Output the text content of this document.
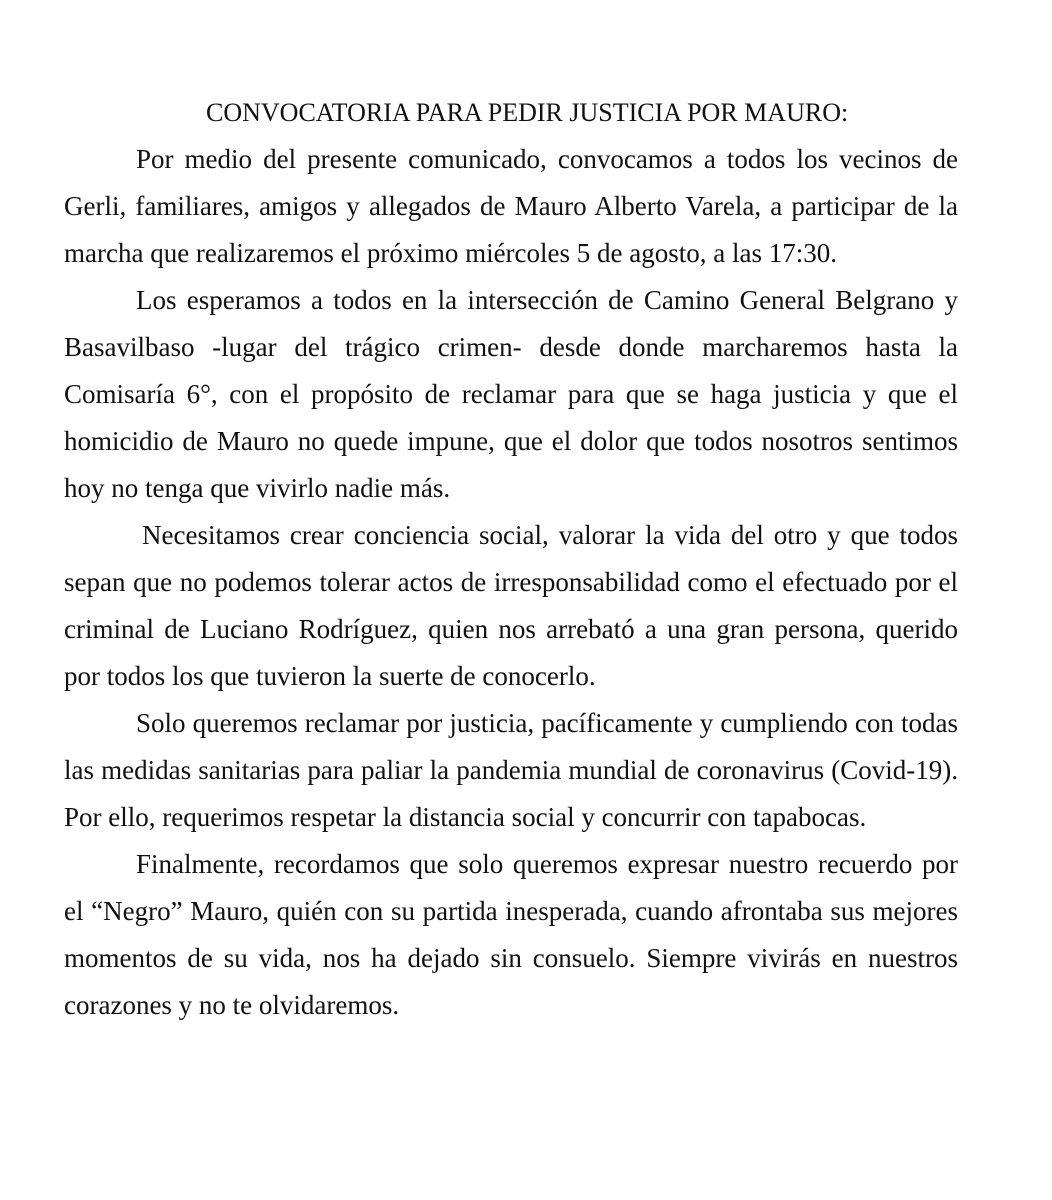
CONVOCATORIA PARA PEDIR JUSTICIA POR MAURO:

Por medio del presente comunicado, convocamos a todos los vecinos de Gerli, familiares, amigos y allegados de Mauro Alberto Varela, a participar de la marcha que realizaremos el próximo miércoles 5 de agosto, a las 17:30.

Los esperamos a todos en la intersección de Camino General Belgrano y Basavilbaso -lugar del trágico crimen- desde donde marcharemos hasta la Comisaría 6°, con el propósito de reclamar para que se haga justicia y que el homicidio de Mauro no quede impune, que el dolor que todos nosotros sentimos hoy no tenga que vivirlo nadie más.

Necesitamos crear conciencia social, valorar la vida del otro y que todos sepan que no podemos tolerar actos de irresponsabilidad como el efectuado por el criminal de Luciano Rodríguez, quien nos arrebató a una gran persona, querido por todos los que tuvieron la suerte de conocerlo.

Solo queremos reclamar por justicia, pacíficamente y cumpliendo con todas las medidas sanitarias para paliar la pandemia mundial de coronavirus (Covid-19). Por ello, requerimos respetar la distancia social y concurrir con tapabocas.

Finalmente, recordamos que solo queremos expresar nuestro recuerdo por el “Negro” Mauro, quién con su partida inesperada, cuando afrontaba sus mejores momentos de su vida, nos ha dejado sin consuelo. Siempre vivirás en nuestros corazones y no te olvidaremos.
